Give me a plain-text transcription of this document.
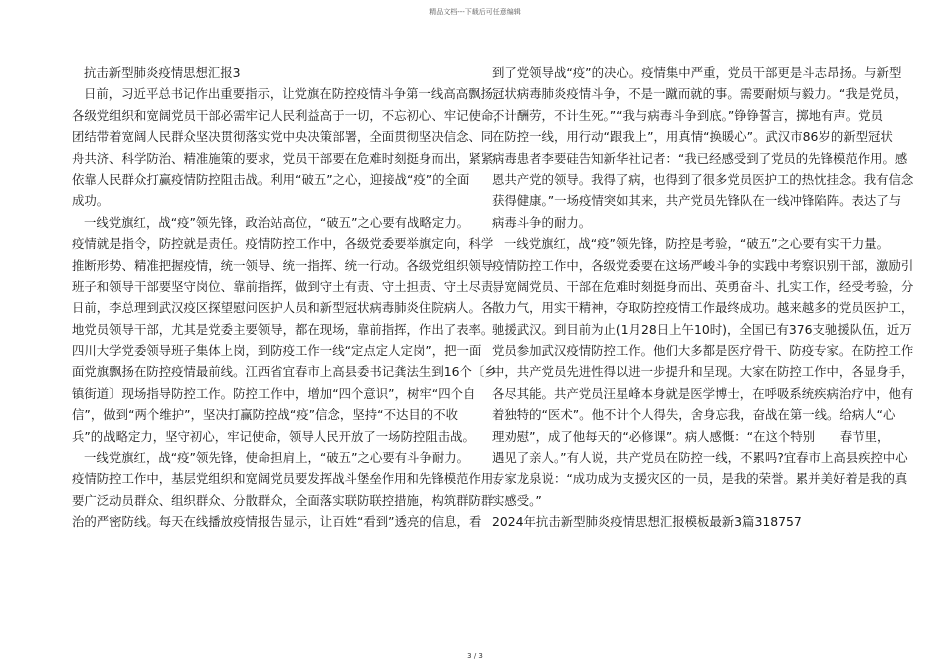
精品文档---下载后可任意编辑
抗击新型肺炎疫情思想汇报3
日前，习近平总书记作出重要指示，让党旗在防控疫情斗争第一线高高飘扬。
各级党组织和宽阔党员干部必需牢记人民利益高于一切，不忘初心、牢记使命，
团结带着宽阔人民群众坚决贯彻落实党中央决策部署，全面贯彻坚决信念、同
舟共济、科学防治、精准施策的要求，党员干部要在危难时刻挺身而出，紧紧
依靠人民群众打赢疫情防控阻击战。利用“破五”之心，迎接战“疫”的全面
成功。
一线党旗红，战“疫”领先锋，政治站高位，“破五”之心要有战略定力。
疫情就是指令，防控就是责任。疫情防控工作中，各级党委要举旗定向，科学
推断形势、精准把握疫情，统一领导、统一指挥、统一行动。各级党组织领导
班子和领导干部要坚守岗位、靠前指挥，做到守土有责、守土担责、守土尽责。
日前，李总理到武汉疫区探望慰问医护人员和新型冠状病毒肺炎住院病人。各
地党员领导干部，尤其是党委主要领导，都在现场，靠前指挥，作出了表率。
四川大学党委领导班子集体上岗，到防疫工作一线“定点定人定岗”，把一面
面党旗飘扬在防控疫情最前线。江西省宜春市上高县委书记龚法生到16个〔乡
镇街道〕现场指导防控工作。防控工作中，增加“四个意识”，树牢“四个自
信”，做到“两个维护”，坚决打赢防控战“疫”信念，坚持“不达目的不收
兵”的战略定力，坚守初心，牢记使命，领导人民开放了一场防控阻击战。
一线党旗红，战“疫”领先锋，使命担肩上，“破五”之心要有斗争耐力。
疫情防控工作中，基层党组织和宽阔党员要发挥战斗堡垒作用和先锋模范作用。
要广泛动员群众、组织群众、分散群众，全面落实联防联控措施，构筑群防群
治的严密防线。每天在线播放疫情报告显示，让百姓“看到”透亮的信息，看
到了党领导战“疫”的决心。疫情集中严重，党员干部更是斗志昂扬。与新型
冠状病毒肺炎疫情斗争，不是一蹴而就的事。需要耐烦与毅力。“我是党员，
不计酬劳，不计生死。”“我与病毒斗争到底。”铮铮誓言，掷地有声。党员
在防控一线，用行动“跟我上”，用真情“换暖心”。武汉市86岁的新型冠状
病毒患者李要硅告知新华社记者：“我已经感受到了党员的先锋模范作用。感
恩共产党的领导。我得了病，也得到了很多党员医护工的热忱挂念。我有信念
获得健康。”一场疫情突如其来，共产党员先锋队在一线冲锋陷阵。表达了与
病毒斗争的耐力。
一线党旗红，战“疫”领先锋，防控是考验，“破五”之心要有实干力量。
疫情防控工作中，各级党委要在这场严峻斗争的实践中考察识别干部，激励引
导宽阔党员、干部在危难时刻挺身而出、英勇奋斗、扎实工作，经受考验，分
散力气，用实干精神，夺取防控疫情工作最终成功。越来越多的党员医护工，
驰援武汉。到目前为止(1月28日上午10时)，全国已有376支驰援队伍，近万
党员参加武汉疫情防控工作。他们大多都是医疗骨干、防疫专家。在防控工作
中，共产党员先进性得以进一步提升和呈现。大家在防控工作中，各显身手，
各尽其能。共产党员汪星峰本身就是医学博士，在呼吸系统疾病治疗中，他有
着独特的“医术”。他不计个人得失，舍身忘我，奋战在第一线。给病人“心
理劝慰”，成了他每天的“必修课”。病人感慨：“在这个特别　　春节里，
遇见了亲人。”有人说，共产党员在防控一线，不累吗?宜春市上高县疾控中心
专家龙泉说：“成功成为支援灾区的一员，是我的荣誉。累并美好着是我的真
实感受。”
2024年抗击新型肺炎疫情思想汇报模板最新3篇318757
3 / 3
